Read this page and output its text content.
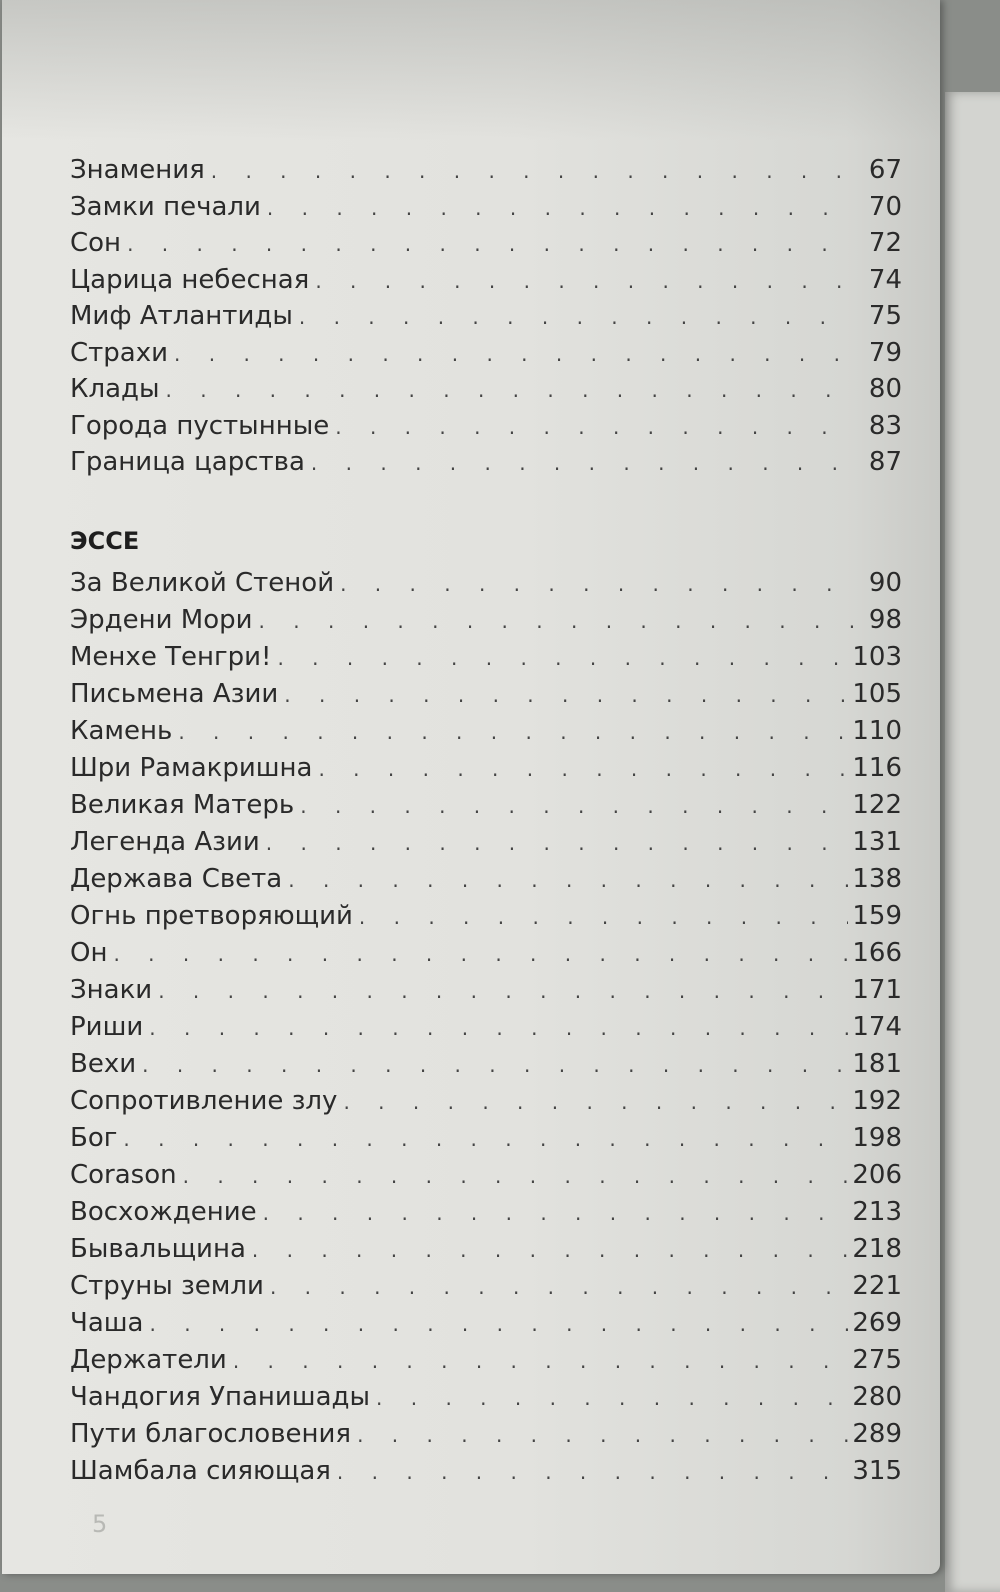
Знамения . . .	67
Замки печали . . .	70
Сон . . .	72
Царица небесная . . .	74
Миф Атлантиды . . .	75
Страхи . . .	79
Клады . . .	80
Города пустынные . . .	83
Граница царства . . .	87
ЭССЕ
За Великой Стеной . . .	90
Эрдени Мори . . .	98
Менхе Тенгри! . . .	103
Письмена Азии . . .	105
Камень . . .	110
Шри Рамакришна . . .	116
Великая Матерь . . .	122
Легенда Азии . . .	131
Держава Света . . .	138
Огнь претворяющий . . .	159
Он . . .	166
Знаки . . .	171
Риши . . .	174
Вехи . . .	181
Сопротивление злу . . .	192
Бог . . .	198
Corason . . .	206
Восхождение . . .	213
Бывальщина . . .	218
Струны земли . . .	221
Чаша . . .	269
Держатели . . .	275
Чандогия Упанишады . . .	280
Пути благословения . . .	289
Шамбала сияющая . . .	315
5
